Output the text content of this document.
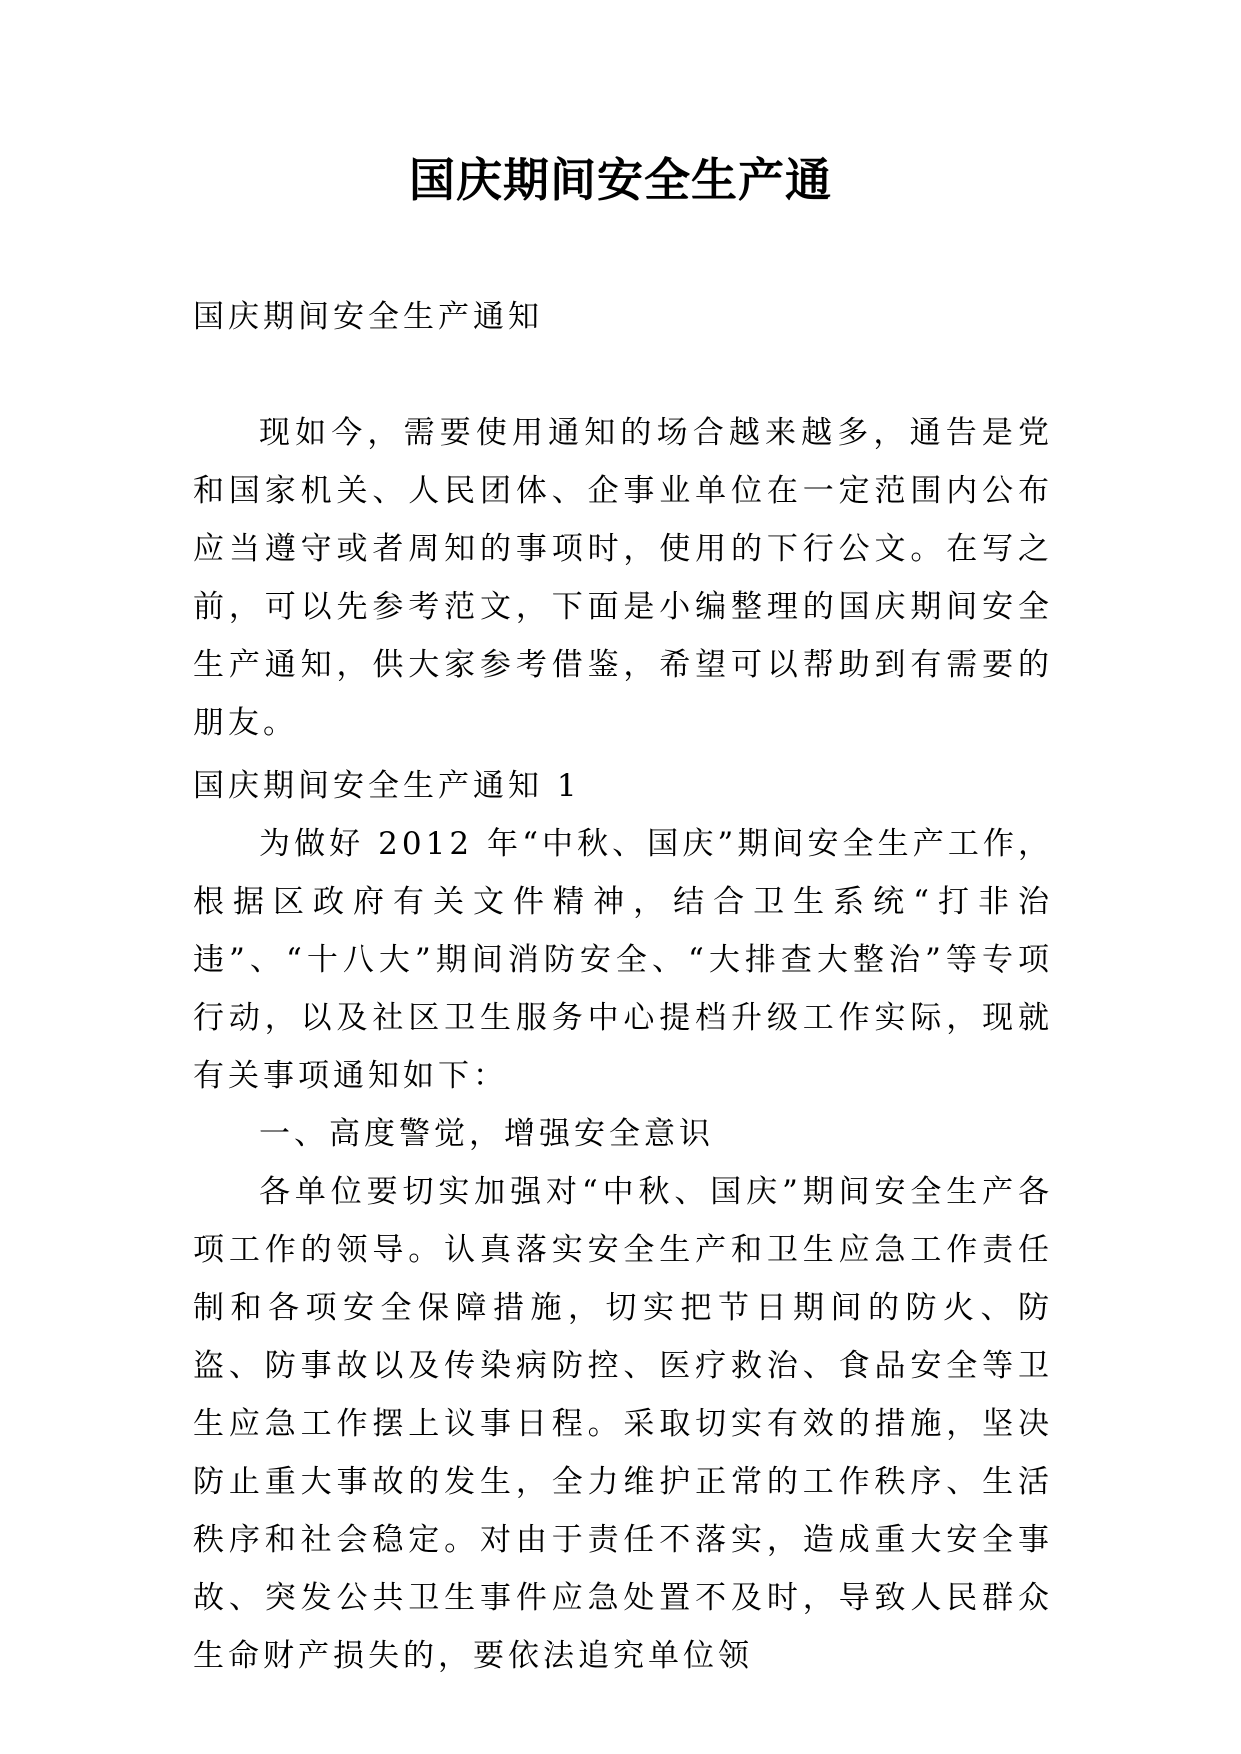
国庆期间安全生产通
国庆期间安全生产通知

现如今，需要使用通知的场合越来越多，通告是党和国家机关、人民团体、企事业单位在一定范围内公布应当遵守或者周知的事项时，使用的下行公文。在写之前，可以先参考范文，下面是小编整理的国庆期间安全生产通知，供大家参考借鉴，希望可以帮助到有需要的朋友。

国庆期间安全生产通知 1

为做好 2012 年“中秋、国庆”期间安全生产工作，根据区政府有关文件精神，结合卫生系统“打非治违”、“十八大”期间消防安全、“大排查大整治”等专项行动，以及社区卫生服务中心提档升级工作实际，现就有关事项通知如下：

一、高度警觉，增强安全意识

各单位要切实加强对“中秋、国庆”期间安全生产各项工作的领导。认真落实安全生产和卫生应急工作责任制和各项安全保障措施，切实把节日期间的防火、防盗、防事故以及传染病防控、医疗救治、食品安全等卫生应急工作摆上议事日程。采取切实有效的措施，坚决防止重大事故的发生，全力维护正常的工作秩序、生活秩序和社会稳定。对由于责任不落实，造成重大安全事故、突发公共卫生事件应急处置不及时，导致人民群众生命财产损失的，要依法追究单位领
